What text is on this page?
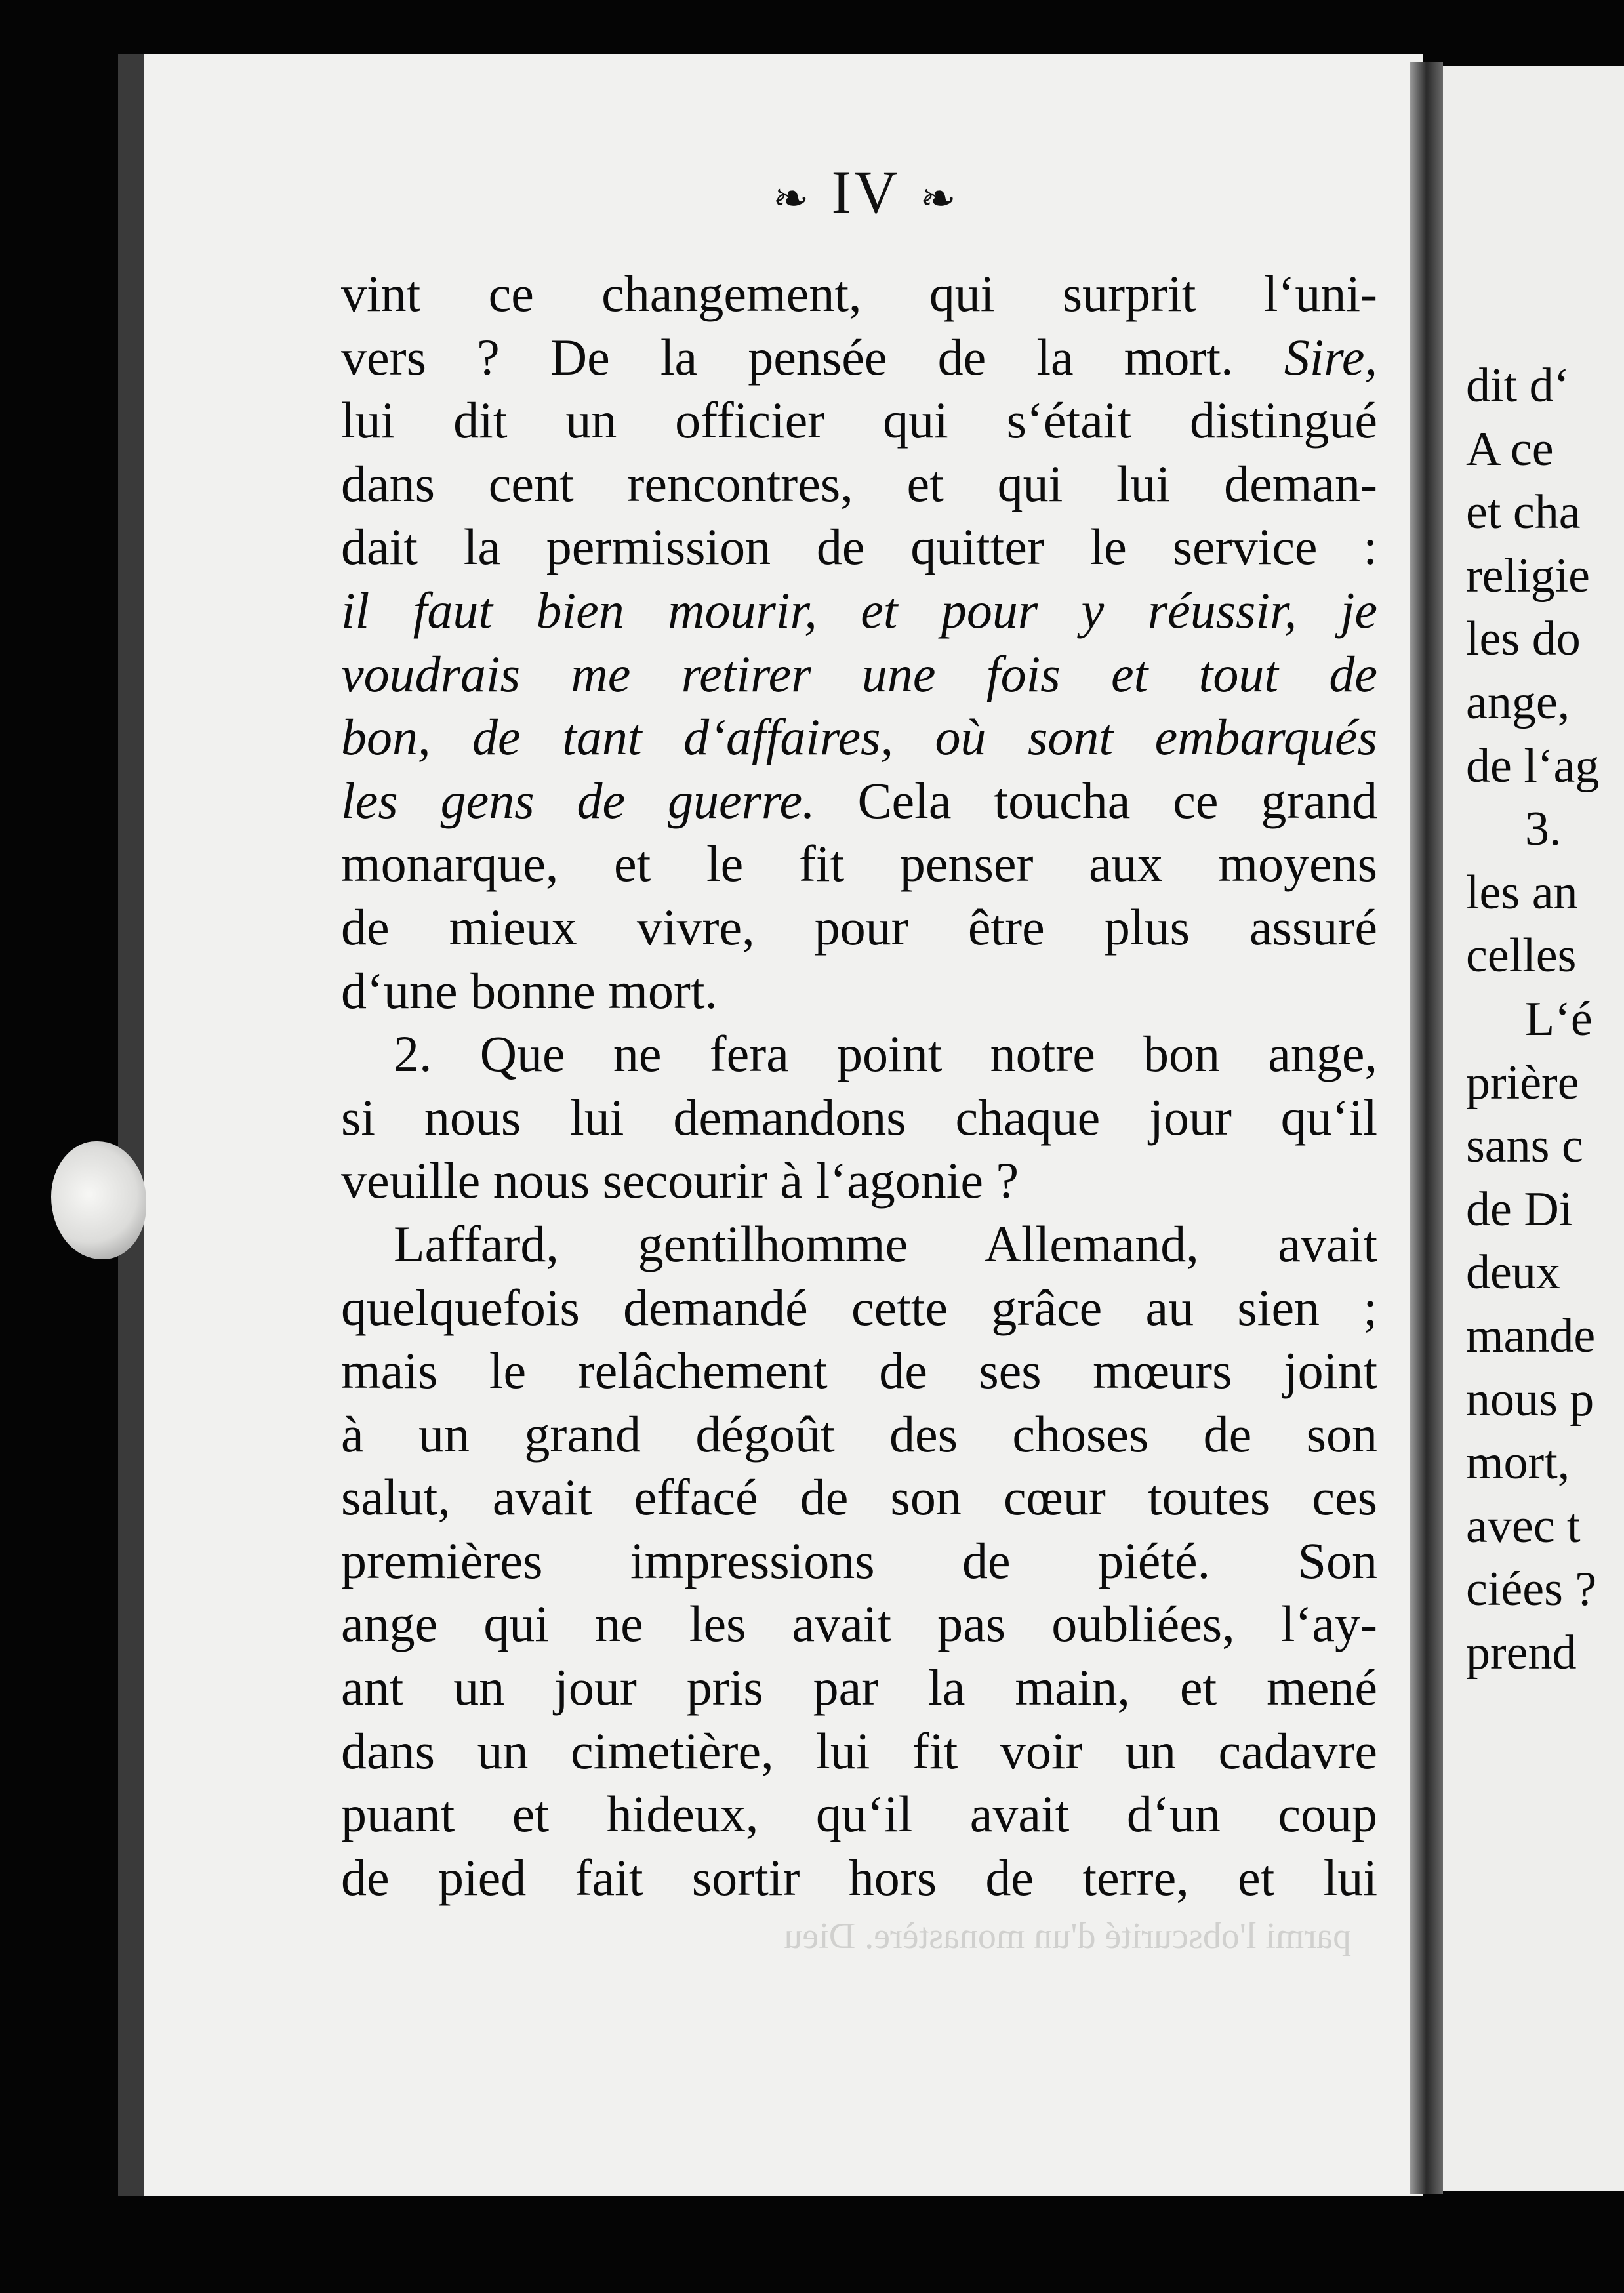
dit d‘
A ce
et cha
religie
les do
ange,
de l‘ag
3.
les an
celles
L‘é
prière
sans c
de Di
deux
mande
nous p
mort,
avec t
ciées ?
prend
❧ IV ❧
vint ce changement, qui surprit l‘uni-
vers ? De la pensée de la mort. Sire,
lui dit un officier qui s‘était distingué
dans cent rencontres, et qui lui deman-
dait la permission de quitter le service :
il faut bien mourir, et pour y réussir, je
voudrais me retirer une fois et tout de
bon, de tant d‘affaires, où sont embarqués
les gens de guerre. Cela toucha ce grand
monarque, et le fit penser aux moyens
de mieux vivre, pour être plus assuré
d‘une bonne mort.
2. Que ne fera point notre bon ange,
si nous lui demandons chaque jour qu‘il
veuille nous secourir à l‘agonie ?
Laffard, gentilhomme Allemand, avait
quelquefois demandé cette grâce au sien ;
mais le relâchement de ses mœurs joint
à un grand dégoût des choses de son
salut, avait effacé de son cœur toutes ces
premières impressions de piété. Son
ange qui ne les avait pas oubliées, l‘ay-
ant un jour pris par la main, et mené
dans un cimetière, lui fit voir un cadavre
puant et hideux, qu‘il avait d‘un coup
de pied fait sortir hors de terre, et lui
parmi l'obscurité d'un monastère. Dieu
